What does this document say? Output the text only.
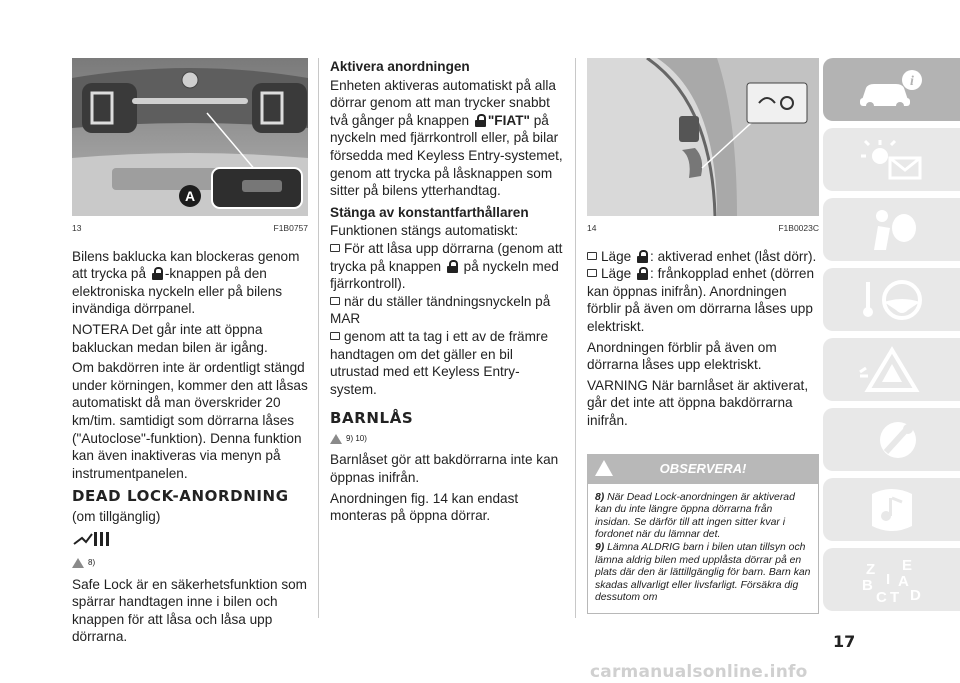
A
13	F1B0757

Bilens baklucka kan blockeras genom att trycka på -knappen på den elektroniska nyckeln eller på bilens invändiga dörrpanel.

NOTERA Det går inte att öppna bakluckan medan bilen är igång.

Om bakdörren inte är ordentligt stängd under körningen, kommer den att låsas automatiskt då man överskrider 20 km/tim. samtidigt som dörrarna låses ("Autoclose"-funktion). Denna funktion kan även inaktiveras via menyn på instrumentpanelen.

DEAD LOCK-ANORDNING

(om tillgänglig)

8)

Safe Lock är en säkerhetsfunktion som spärrar handtagen inne i bilen och knappen för att låsa och låsa upp dörrarna.

Aktivera anordningen

Enheten aktiveras automatiskt på alla dörrar genom att man trycker snabbt två gånger på knappen "FIAT" på nyckeln med fjärrkontroll eller, på bilar försedda med Keyless Entry-systemet, genom att trycka på låsknappen som sitter på bilens ytterhandtag.

Stänga av konstantfarthållaren

Funktionen stängs automatiskt:

För att låsa upp dörrarna (genom att trycka på knappen  på nyckeln med fjärrkontroll).

när du ställer tändningsnyckeln på MAR

genom att ta tag i ett av de främre handtagen om det gäller en bil utrustad med ett Keyless Entry-system.

BARNLÅS
9) 10)

Barnlåset gör att bakdörrarna inte kan öppnas inifrån.

Anordningen fig. 14 kan endast monteras på öppna dörrar.

14	F1B0023C

Läge : aktiverad enhet (låst dörr).

Läge : frånkopplad enhet (dörren kan öppnas inifrån). Anordningen förblir på även om dörrarna låses upp elektriskt.

Anordningen förblir på även om dörrarna låses upp elektriskt.

VARNING När barnlåset är aktiverat, går det inte att öppna bakdörrarna inifrån.

OBSERVERA!

8) När Dead Lock-anordningen är aktiverad kan du inte längre öppna dörrarna från insidan. Se därför till att ingen sitter kvar i fordonet när du lämnar det.

9) Lämna ALDRIG barn i bilen utan tillsyn och lämna aldrig bilen med upplåsta dörrar på en plats där den är lättillgänglig för barn. Barn kan skadas allvarligt eller livsfarligt. Försäkra dig dessutom om

i
Z E
B A
C D
I
T
17
carmanualsonline.info
